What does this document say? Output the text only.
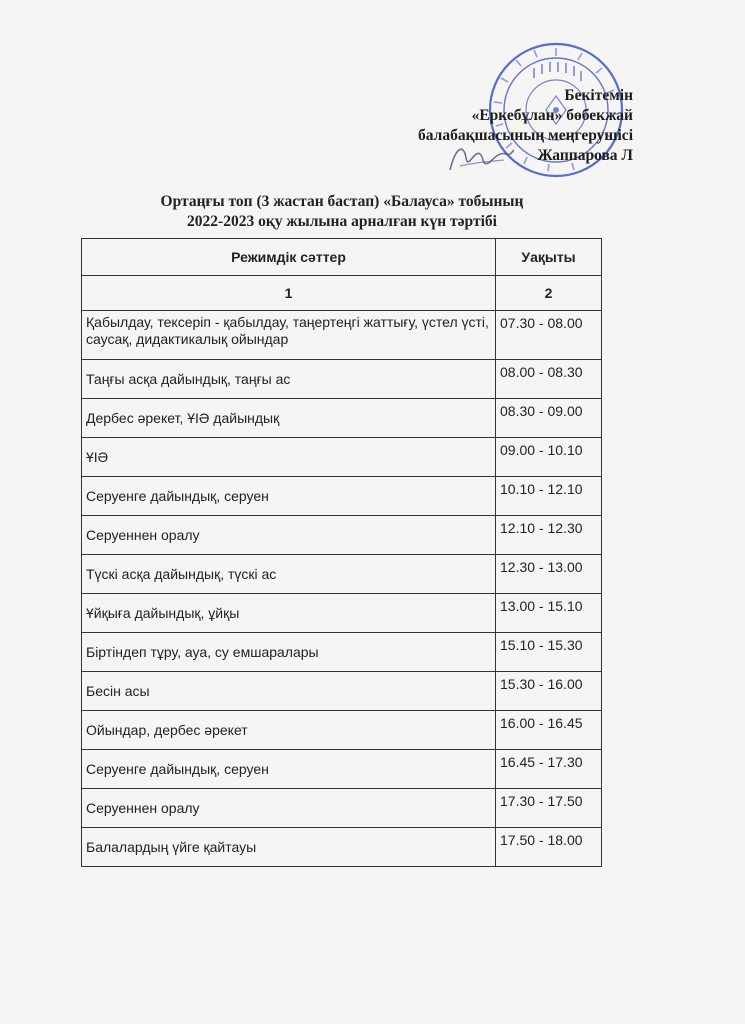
Бекітемін
«Еркебұлан» бөбекжай
балабақшасының меңгерушісі
Жаппарова Л
Ортаңғы топ (3 жастан бастап) «Балауса» тобының
2022-2023 оқу жылына арналған күн тәртібі
Режимдік сәттер	Уақыты
1	2
Қабылдау, тексеріп - қабылдау, таңертеңгі жаттығу, үстел үсті, саусақ, дидактикалық ойындар	07.30 - 08.00
Таңғы асқа дайындық, таңғы ас	08.00 - 08.30
Дербес әрекет, ҰІӘ дайындық	08.30 - 09.00
ҰІӘ	09.00 - 10.10
Серуенге дайындық, серуен	10.10 - 12.10
Серуеннен оралу	12.10 - 12.30
Түскі асқа дайындық, түскі ас	12.30 - 13.00
Ұйқыға дайындық, ұйқы	13.00 - 15.10
Біртіндеп тұру, ауа, су емшаралары	15.10 - 15.30
Бесін асы	15.30 - 16.00
Ойындар, дербес әрекет	16.00 - 16.45
Серуенге дайындық, серуен	16.45 - 17.30
Серуеннен оралу	17.30 - 17.50
Балалардың үйге қайтауы	17.50 - 18.00
